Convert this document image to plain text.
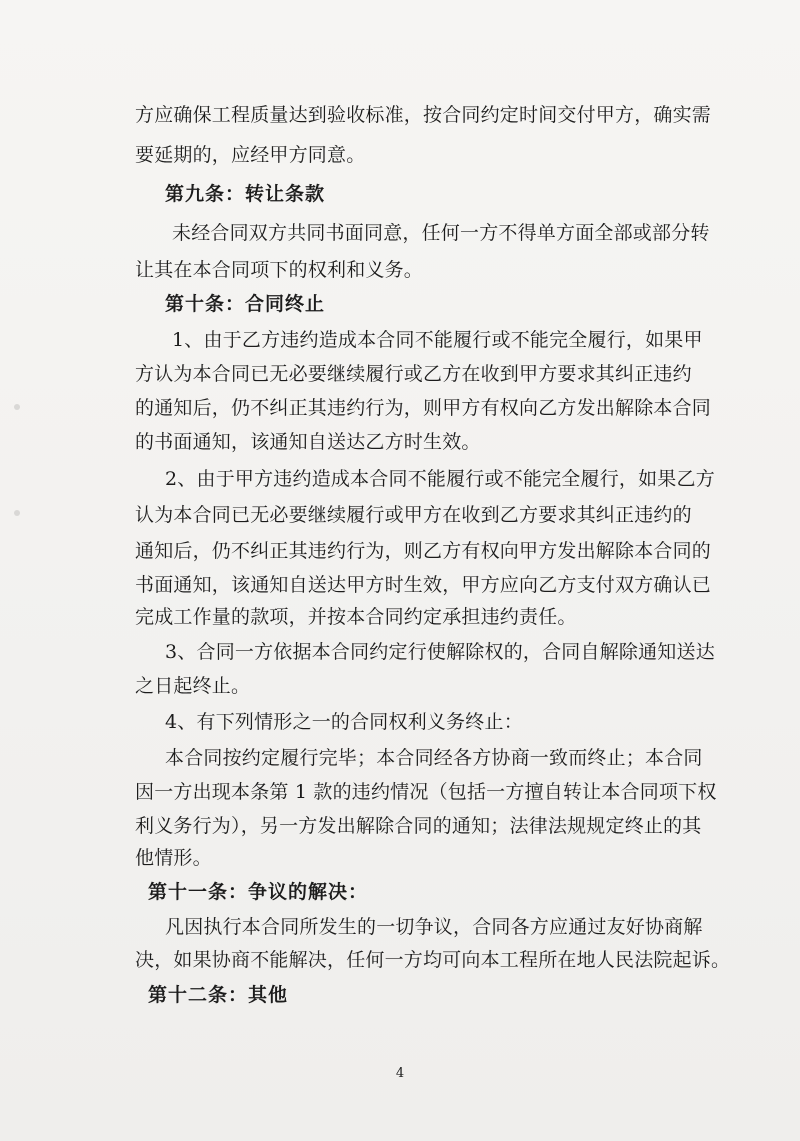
方应确保工程质量达到验收标准，按合同约定时间交付甲方，确实需
要延期的，应经甲方同意。
第九条：转让条款
未经合同双方共同书面同意，任何一方不得单方面全部或部分转
让其在本合同项下的权利和义务。
第十条：合同终止
1、由于乙方违约造成本合同不能履行或不能完全履行，如果甲
方认为本合同已无必要继续履行或乙方在收到甲方要求其纠正违约
的通知后，仍不纠正其违约行为，则甲方有权向乙方发出解除本合同
的书面通知，该通知自送达乙方时生效。
2、由于甲方违约造成本合同不能履行或不能完全履行，如果乙方
认为本合同已无必要继续履行或甲方在收到乙方要求其纠正违约的
通知后，仍不纠正其违约行为，则乙方有权向甲方发出解除本合同的
书面通知，该通知自送达甲方时生效，甲方应向乙方支付双方确认已
完成工作量的款项，并按本合同约定承担违约责任。
3、合同一方依据本合同约定行使解除权的，合同自解除通知送达
之日起终止。
4、有下列情形之一的合同权利义务终止：
本合同按约定履行完毕；本合同经各方协商一致而终止；本合同
因一方出现本条第 1 款的违约情况（包括一方擅自转让本合同项下权
利义务行为），另一方发出解除合同的通知；法律法规规定终止的其
他情形。
第十一条：争议的解决：
凡因执行本合同所发生的一切争议，合同各方应通过友好协商解
决，如果协商不能解决，任何一方均可向本工程所在地人民法院起诉。
第十二条：其他
4
